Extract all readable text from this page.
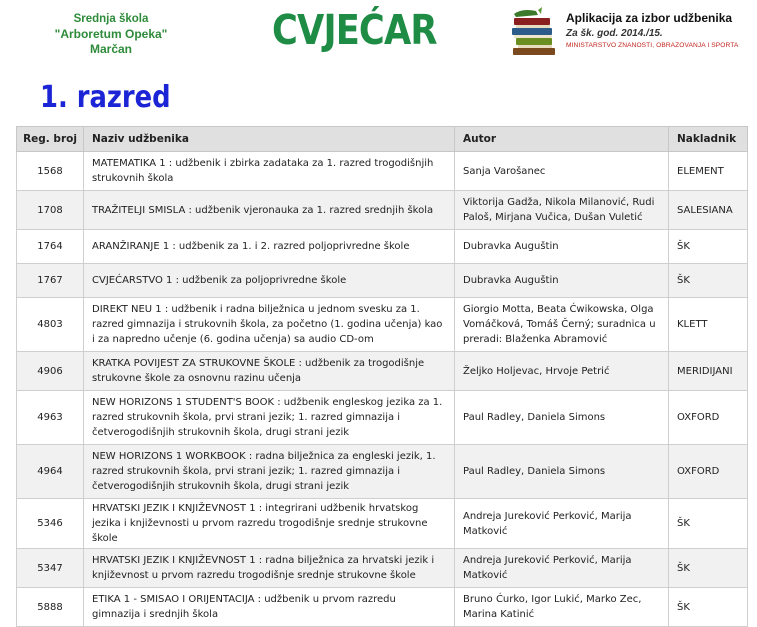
Srednja škola
"Arboretum Opeka" Marčan	CVJEĆAR	Aplikacija za izbor udžbenika
Za šk. god. 2014./15.
MINISTARSTVO ZNANOSTI, OBRAZOVANJA I SPORTA
1. razred
Reg. broj	Naziv udžbenika	Autor	Nakladnik
1568	MATEMATIKA 1 : udžbenik i zbirka zadataka za 1. razred trogodišnjih strukovnih škola	Sanja Varošanec	ELEMENT
1708	TRAŽITELJI SMISLA : udžbenik vjeronauka za 1. razred srednjih škola	Viktorija Gadža, Nikola Milanović, Rudi Paloš, Mirjana Vučica, Dušan Vuletić	SALESIANA
1764	ARANŽIRANJE 1 : udžbenik za 1. i 2. razred poljoprivredne škole	Dubravka Auguštin	ŠK
1767	CVJEĆARSTVO 1 : udžbenik za poljoprivredne škole	Dubravka Auguštin	ŠK
4803	DIREKT NEU 1 : udžbenik i radna bilježnica u jednom svesku za 1. razred gimnazija i strukovnih škola, za početno (1. godina učenja) kao i za napredno učenje (6. godina učenja) sa audio CD-om	Giorgio Motta, Beata Ćwikowska, Olga Vomáčková, Tomáš Černý; suradnica u preradi: Blaženka Abramović	KLETT
4906	KRATKA POVIJEST ZA STRUKOVNE ŠKOLE : udžbenik za trogodišnje strukovne škole za osnovnu razinu učenja	Željko Holjevac, Hrvoje Petrić	MERIDIJANI
4963	NEW HORIZONS 1 STUDENT'S BOOK : udžbenik engleskog jezika za 1. razred strukovnih škola, prvi strani jezik; 1. razred gimnazija i četverogodišnjih strukovnih škola, drugi strani jezik	Paul Radley, Daniela Simons	OXFORD
4964	NEW HORIZONS 1 WORKBOOK : radna bilježnica za engleski jezik, 1. razred strukovnih škola, prvi strani jezik; 1. razred gimnazija i četverogodišnjih strukovnih škola, drugi strani jezik	Paul Radley, Daniela Simons	OXFORD
5346	HRVATSKI JEZIK I KNJIŽEVNOST 1 : integrirani udžbenik hrvatskog jezika i književnosti u prvom razredu trogodišnje srednje strukovne škole	Andreja Jureković Perković, Marija Matković	ŠK
5347	HRVATSKI JEZIK I KNJIŽEVNOST 1 : radna bilježnica za hrvatski jezik i književnost u prvom razredu trogodišnje srednje strukovne škole	Andreja Jureković Perković, Marija Matković	ŠK
5888	ETIKA 1 - SMISAO I ORIJENTACIJA : udžbenik u prvom razredu gimnazija i srednjih škola	Bruno Ćurko, Igor Lukić, Marko Zec, Marina Katinić	ŠK
